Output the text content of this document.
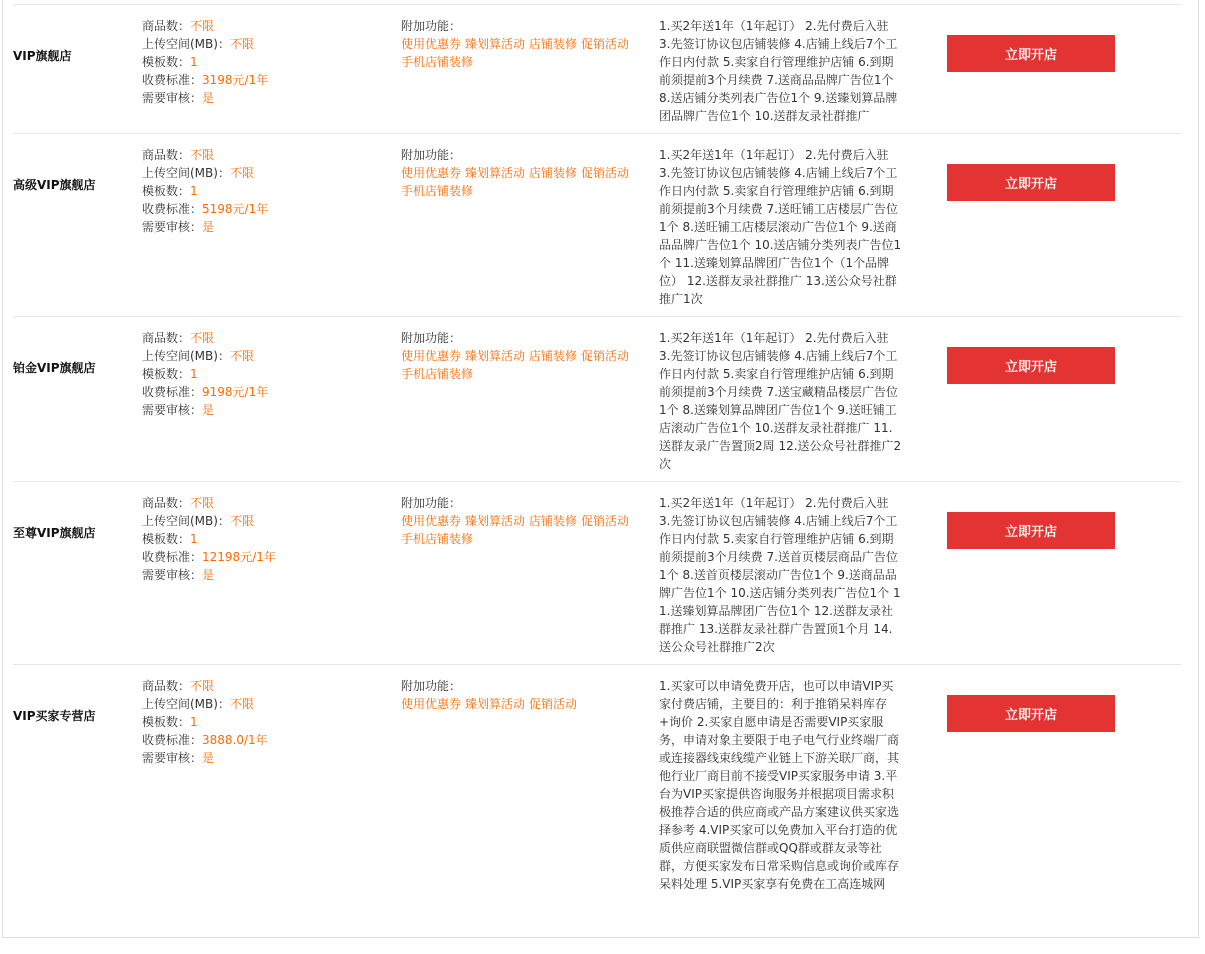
VIP旗舰店
商品数：不限
上传空间(MB)：不限
模板数：1
收费标准：3198元/1年
需要审核：是
附加功能：
使用优惠券 臻划算活动 店铺装修 促销活动手机店铺装修
1.买2年送1年（1年起订） 2.先付费后入驻 3.先签订协议包店铺装修 4.店铺上线后7个工作日内付款 5.卖家自行管理维护店铺 6.到期前须提前3个月续费 7.送商品品牌广告位1个 8.送店铺分类列表广告位1个 9.送臻划算品牌团品牌广告位1个 10.送群友录社群推广
立即开店
高级VIP旗舰店
商品数：不限
上传空间(MB)：不限
模板数：1
收费标准：5198元/1年
需要审核：是
附加功能：
使用优惠券 臻划算活动 店铺装修 促销活动手机店铺装修
1.买2年送1年（1年起订） 2.先付费后入驻 3.先签订协议包店铺装修 4.店铺上线后7个工作日内付款 5.卖家自行管理维护店铺 6.到期前须提前3个月续费 7.送旺铺工店楼层广告位1个 8.送旺铺工店楼层滚动广告位1个 9.送商品品牌广告位1个 10.送店铺分类列表广告位1个 11.送臻划算品牌团广告位1个（1个品牌位） 12.送群友录社群推广 13.送公众号社群推广1次
立即开店
铂金VIP旗舰店
商品数：不限
上传空间(MB)：不限
模板数：1
收费标准：9198元/1年
需要审核：是
附加功能：
使用优惠券 臻划算活动 店铺装修 促销活动手机店铺装修
1.买2年送1年（1年起订） 2.先付费后入驻 3.先签订协议包店铺装修 4.店铺上线后7个工作日内付款 5.卖家自行管理维护店铺 6.到期前须提前3个月续费 7.送宝藏精品楼层广告位1个 8.送臻划算品牌团广告位1个 9.送旺铺工店滚动广告位1个 10.送群友录社群推广 11.送群友录广告置顶2周 12.送公众号社群推广2次
立即开店
至尊VIP旗舰店
商品数：不限
上传空间(MB)：不限
模板数：1
收费标准：12198元/1年
需要审核：是
附加功能：
使用优惠券 臻划算活动 店铺装修 促销活动手机店铺装修
1.买2年送1年（1年起订） 2.先付费后入驻 3.先签订协议包店铺装修 4.店铺上线后7个工作日内付款 5.卖家自行管理维护店铺 6.到期前须提前3个月续费 7.送首页楼层商品广告位1个 8.送首页楼层滚动广告位1个 9.送商品品牌广告位1个 10.送店铺分类列表广告位1个 11.送臻划算品牌团广告位1个 12.送群友录社群推广 13.送群友录社群广告置顶1个月 14.送公众号社群推广2次
立即开店
VIP买家专营店
商品数：不限
上传空间(MB)：不限
模板数：1
收费标准：3888.0/1年
需要审核：是
附加功能：
使用优惠券 臻划算活动 促销活动
1.买家可以申请免费开店，也可以申请VIP买家付费店铺，主要目的：利于推销呆料库存+询价 2.买家自愿申请是否需要VIP买家服务，申请对象主要限于电子电气行业终端厂商或连接器线束线缆产业链上下游关联厂商，其他行业厂商目前不接受VIP买家服务申请 3.平台为VIP买家提供咨询服务并根据项目需求积极推荐合适的供应商或产品方案建议供买家选择参考 4.VIP买家可以免费加入平台打造的优质供应商联盟微信群或QQ群或群友录等社群，方便买家发布日常采购信息或询价或库存呆料处理 5.VIP买家享有免费在工高连城网
立即开店
